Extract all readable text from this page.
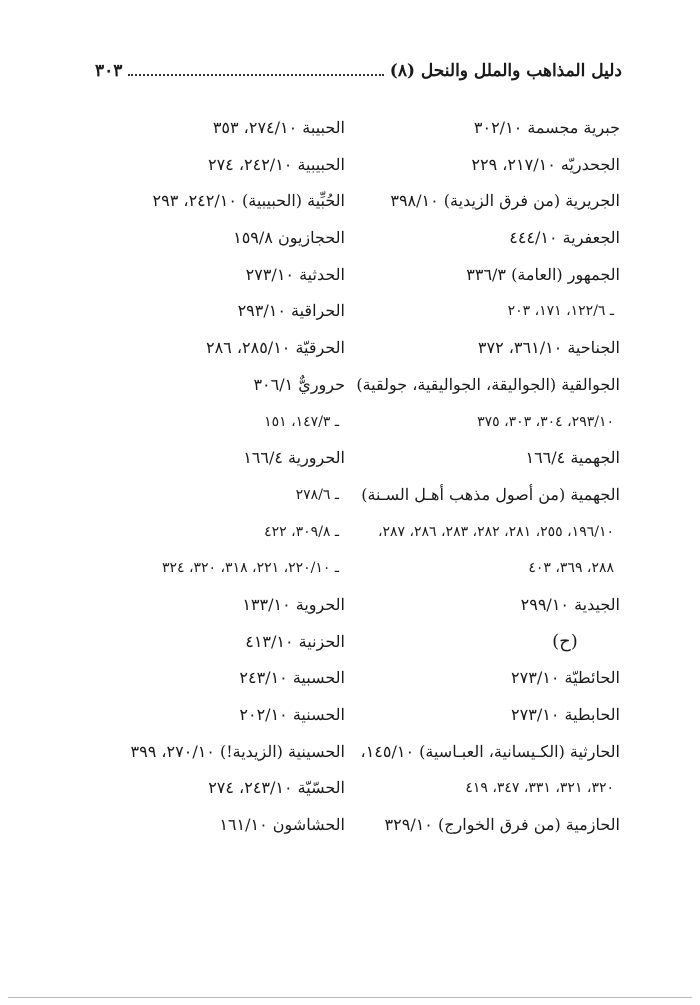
دليل المذاهب والملل والنحل (٨)
٣٠٣
جبرية مجسمة ٣٠٢/١٠
الجحدريّه ٢١٧/١٠، ٢٢٩
الجريرية (من فرق الزيدية) ٣٩٨/١٠
الجعفرية ٤٤٤/١٠
الجمهور (العامة) ٣٣٦/٣
ـ ١٢٢/٦، ١٧١، ٢٠٣
الجناحية ٣٦١/١٠، ٣٧٢
الجوالقية (الجواليقة، الجواليقية، جولقية)
٢٩٣/١٠، ٣٠٤، ٣٠٣، ٣٧٥
الجهمية ١٦٦/٤
الجهمية (من أصول مذهب أهـل السـنة)
١٩٦/١٠، ٢٥٥، ٢٨١، ٢٨٢، ٢٨٣، ٢٨٦، ٢٨٧،
٢٨٨، ٣٦٩، ٤٠٣
الجيدية ٢٩٩/١٠
(ح)
الحائطيّة ٢٧٣/١٠
الحابطية ٢٧٣/١٠
الحارثية (الكـيسانية، العبـاسية) ١٤٥/١٠،
٣٢٠، ٣٢١، ٣٣١، ٣٤٧، ٤١٩
الحازمية (من فرق الخوارج) ٣٢٩/١٠
الحبيبة ٢٧٤/١٠، ٣٥٣
الحبيبية ٢٤٢/١٠، ٢٧٤
الحُبِّية (الحبيبية) ٢٤٢/١٠، ٢٩٣
الحجازيون ١٥٩/٨
الحدثية ٢٧٣/١٠
الحراقية ٢٩٣/١٠
الحرقيّة ٢٨٥/١٠، ٢٨٦
حروريٌّ ٣٠٦/١
ـ ١٤٧/٣، ١٥١
الحرورية ١٦٦/٤
ـ ٢٧٨/٦
ـ ٣٠٩/٨، ٤٢٢
ـ ٢٢٠/١٠، ٢٢١، ٣١٨، ٣٢٠، ٣٢٤
الحروية ١٣٣/١٠
الحزنية ٤١٣/١٠
الحسبية ٢٤٣/١٠
الحسنية ٢٠٢/١٠
الحسينية (الزيدية!) ٢٧٠/١٠، ٣٩٩
الحسّيّة ٢٤٣/١٠، ٢٧٤
الحشاشون ١٦١/١٠
